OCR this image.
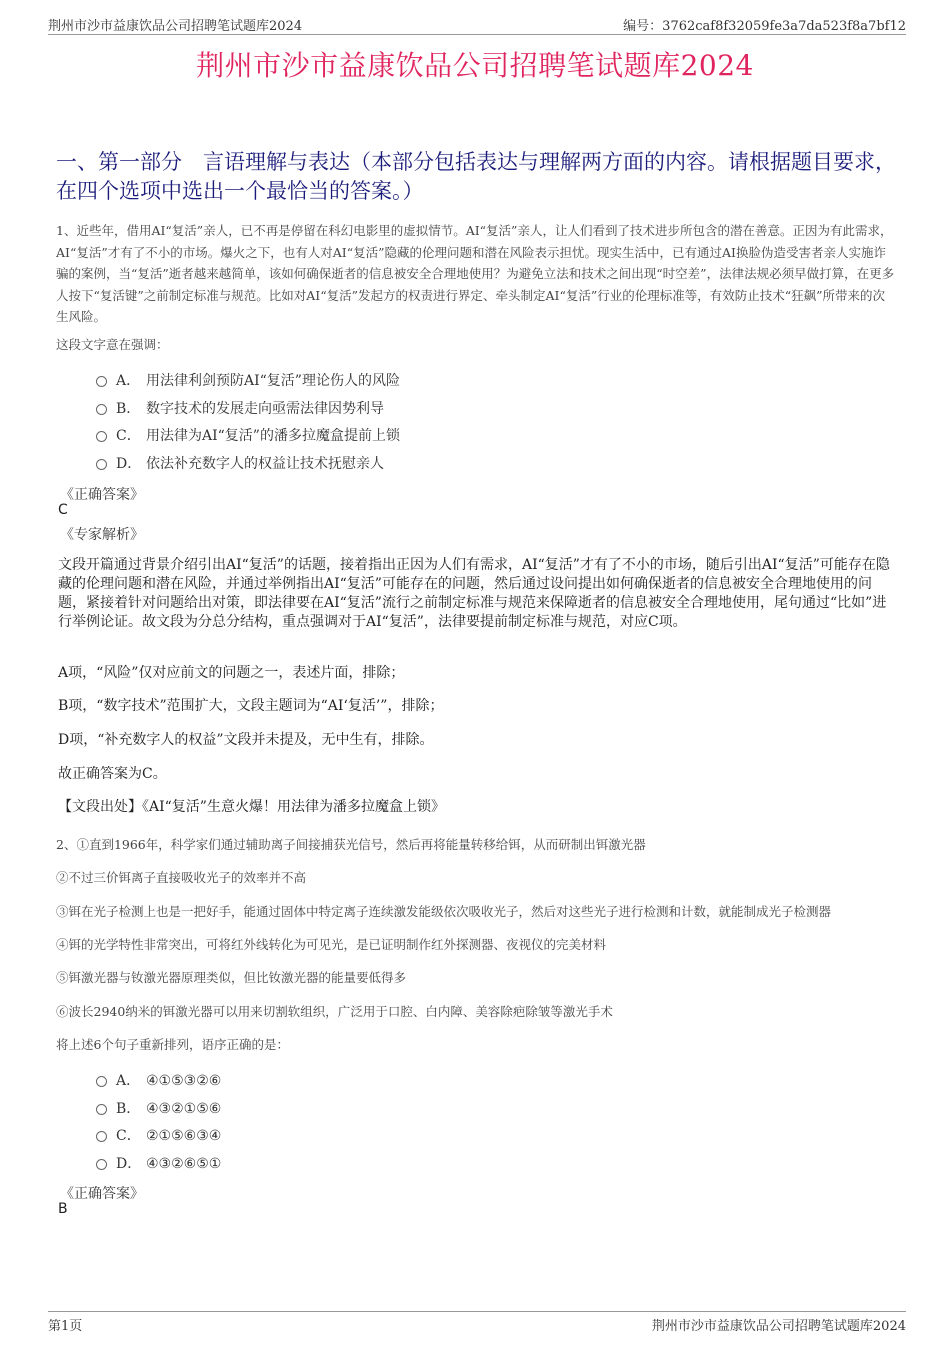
荆州市沙市益康饮品公司招聘笔试题库2024	编号：3762caf8f32059fe3a7da523f8a7bf12
荆州市沙市益康饮品公司招聘笔试题库2024
一、第一部分　言语理解与表达（本部分包括表达与理解两方面的内容。请根据题目要求，在四个选项中选出一个最恰当的答案。）
1、近些年，借用AI“复活”亲人，已不再是停留在科幻电影里的虚拟情节。AI“复活”亲人，让人们看到了技术进步所包含的潜在善意。正因为有此需求，AI“复活”才有了不小的市场。爆火之下，也有人对AI“复活”隐藏的伦理问题和潜在风险表示担忧。现实生活中，已有通过AI换脸伪造受害者亲人实施诈骗的案例，当“复活”逝者越来越简单，该如何确保逝者的信息被安全合理地使用？为避免立法和技术之间出现“时空差”，法律法规必须早做打算，在更多人按下“复活键”之前制定标准与规范。比如对AI“复活”发起方的权责进行界定、牵头制定AI“复活”行业的伦理标准等，有效防止技术“狂飙”所带来的次生风险。
这段文字意在强调：
A． 用法律利剑预防AI“复活”理论伤人的风险
B． 数字技术的发展走向亟需法律因势利导
C． 用法律为AI“复活”的潘多拉魔盒提前上锁
D． 依法补充数字人的权益让技术抚慰亲人
《正确答案》
C
《专家解析》
文段开篇通过背景介绍引出AI“复活”的话题，接着指出正因为人们有需求，AI“复活”才有了不小的市场，随后引出AI“复活”可能存在隐藏的伦理问题和潜在风险，并通过举例指出AI“复活”可能存在的问题，然后通过设问提出如何确保逝者的信息被安全合理地使用的问题，紧接着针对问题给出对策，即法律要在AI“复活”流行之前制定标准与规范来保障逝者的信息被安全合理地使用，尾句通过“比如”进行举例论证。故文段为分总分结构，重点强调对于AI“复活”，法律要提前制定标准与规范，对应C项。
A项，“风险”仅对应前文的问题之一，表述片面，排除；
B项，“数字技术”范围扩大，文段主题词为“AI‘复活’”，排除；
D项，“补充数字人的权益”文段并未提及，无中生有，排除。
故正确答案为C。
【文段出处】《AI“复活”生意火爆！用法律为潘多拉魔盒上锁》
2、①直到1966年，科学家们通过辅助离子间接捕获光信号，然后再将能量转移给铒，从而研制出铒激光器
②不过三价铒离子直接吸收光子的效率并不高
③铒在光子检测上也是一把好手，能通过固体中特定离子连续激发能级依次吸收光子，然后对这些光子进行检测和计数，就能制成光子检测器
④铒的光学特性非常突出，可将红外线转化为可见光，是已证明制作红外探测器、夜视仪的完美材料
⑤铒激光器与钕激光器原理类似，但比钕激光器的能量要低得多
⑥波长2940纳米的铒激光器可以用来切割软组织，广泛用于口腔、白内障、美容除疤除皱等激光手术
将上述6个句子重新排列，语序正确的是：
A． ④①⑤③②⑥
B． ④③②①⑤⑥
C． ②①⑤⑥③④
D． ④③②⑥⑤①
《正确答案》
B
第1页	荆州市沙市益康饮品公司招聘笔试题库2024
